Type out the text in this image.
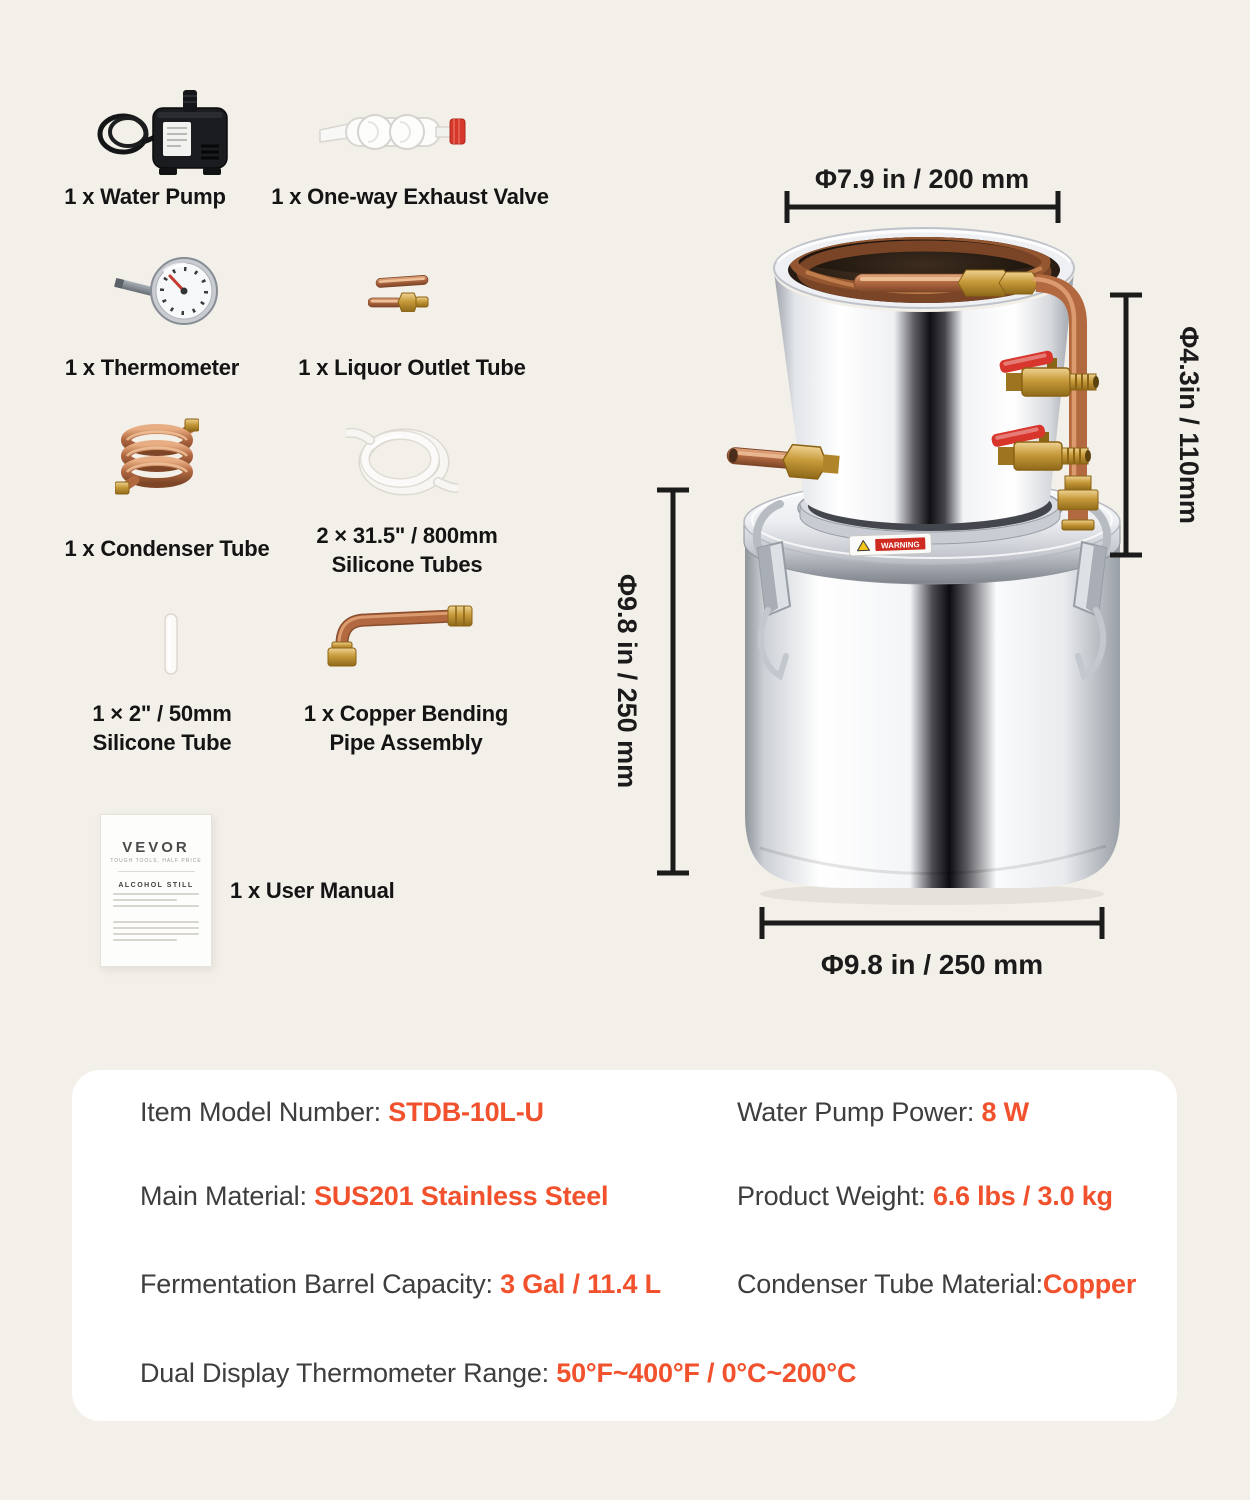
VEVOR
TOUGH TOOLS, HALF PRICE
ALCOHOL STILL
1 x Water Pump	1 x One-way Exhaust Valve
1 x Thermometer	1 x Liquor Outlet Tube
1 x Condenser Tube
2 × 31.5" / 800mm
Silicone Tubes
1 × 2" / 50mm
Silicone Tube
1 x Copper Bending
Pipe Assembly
1 x User Manual
WARNING
Φ7.9 in / 200 mm
Φ4.3in / 110mm
Φ9.8 in / 250 mm
Φ9.8 in / 250 mm
Item Model Number: STDB-10L-U	Water Pump Power: 8 W
Main Material: SUS201 Stainless Steel	Product Weight: 6.6 lbs / 3.0 kg
Fermentation Barrel Capacity: 3 Gal / 11.4 L	Condenser Tube Material:Copper
Dual Display Thermometer Range: 50°F~400°F / 0°C~200°C
